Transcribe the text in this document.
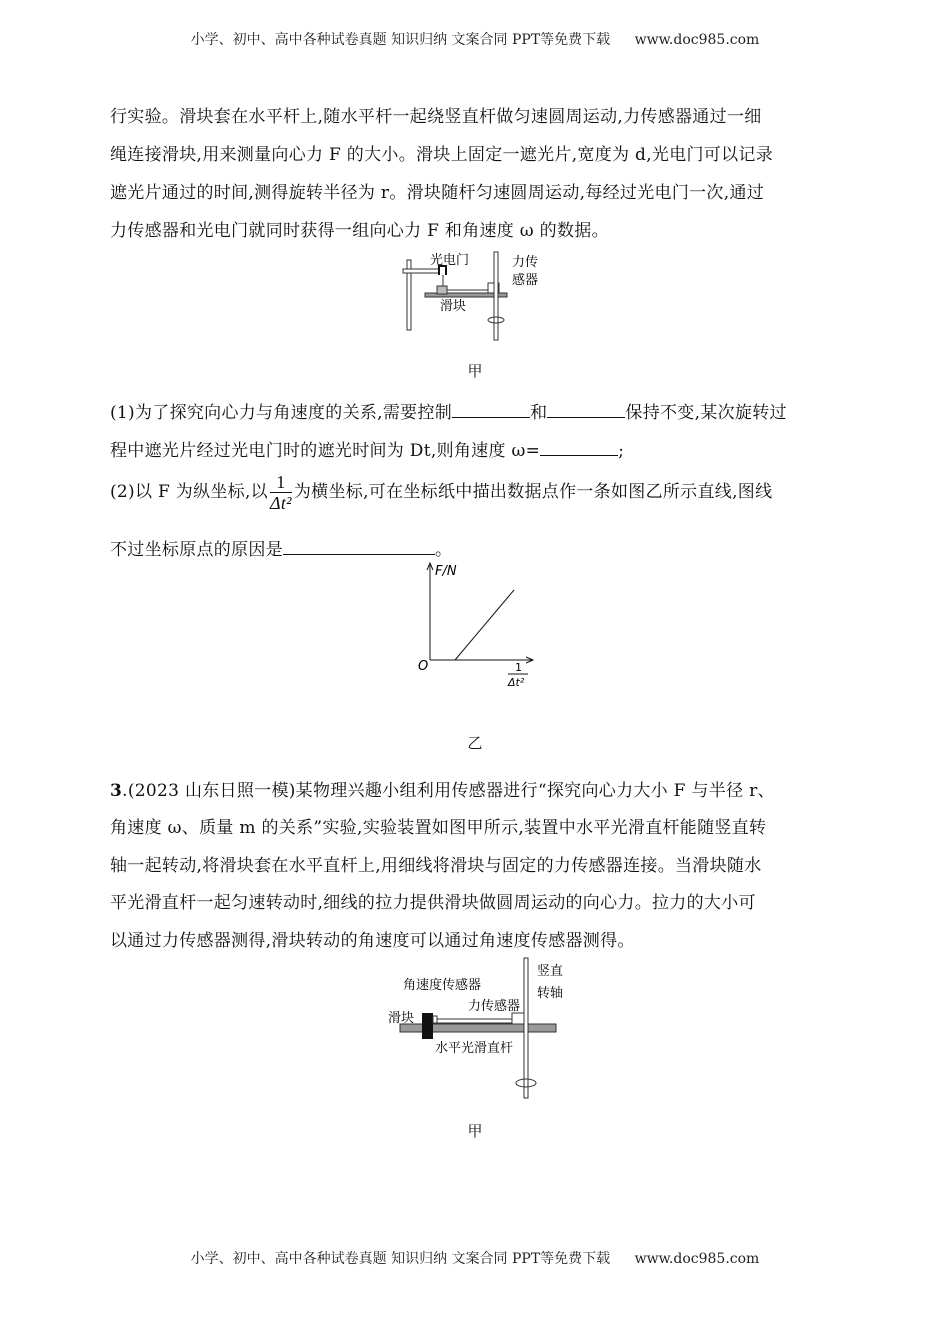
小学、初中、高中各种试卷真题 知识归纳 文案合同 PPT等免费下载 www.doc985.com
行实验。滑块套在水平杆上,随水平杆一起绕竖直杆做匀速圆周运动,力传感器通过一细
绳连接滑块,用来测量向心力 F 的大小。滑块上固定一遮光片,宽度为 d,光电门可以记录
遮光片通过的时间,测得旋转半径为 r。滑块随杆匀速圆周运动,每经过光电门一次,通过
力传感器和光电门就同时获得一组向心力 F 和角速度 ω 的数据。
光电门	力传
感器
滑块
甲
(1)为了探究向心力与角速度的关系,需要控制	和	保持不变,某次旋转过
程中遮光片经过光电门时的遮光时间为 Dt,则角速度 ω=	;
(2)以 F 为纵坐标,以 $\frac{1}{\text{Δt²}}$ 为横坐标,可在坐标纸中描出数据点作一条如图乙所示直线,图线
不过坐标原点的原因是	。
F/N
O	1
Δt²
乙
3.(2023 山东日照一模)某物理兴趣小组利用传感器进行“探究向心力大小 F 与半径 r、
角速度 ω、质量 m 的关系”实验,实验装置如图甲所示,装置中水平光滑直杆能随竖直转
轴一起转动,将滑块套在水平直杆上,用细线将滑块与固定的力传感器连接。当滑块随水
平光滑直杆一起匀速转动时,细线的拉力提供滑块做圆周运动的向心力。拉力的大小可
以通过力传感器测得,滑块转动的角速度可以通过角速度传感器测得。
角速度传感器
竖直
转轴
力传感器
滑块
水平光滑直杆
甲
小学、初中、高中各种试卷真题 知识归纳 文案合同 PPT等免费下载 www.doc985.com
